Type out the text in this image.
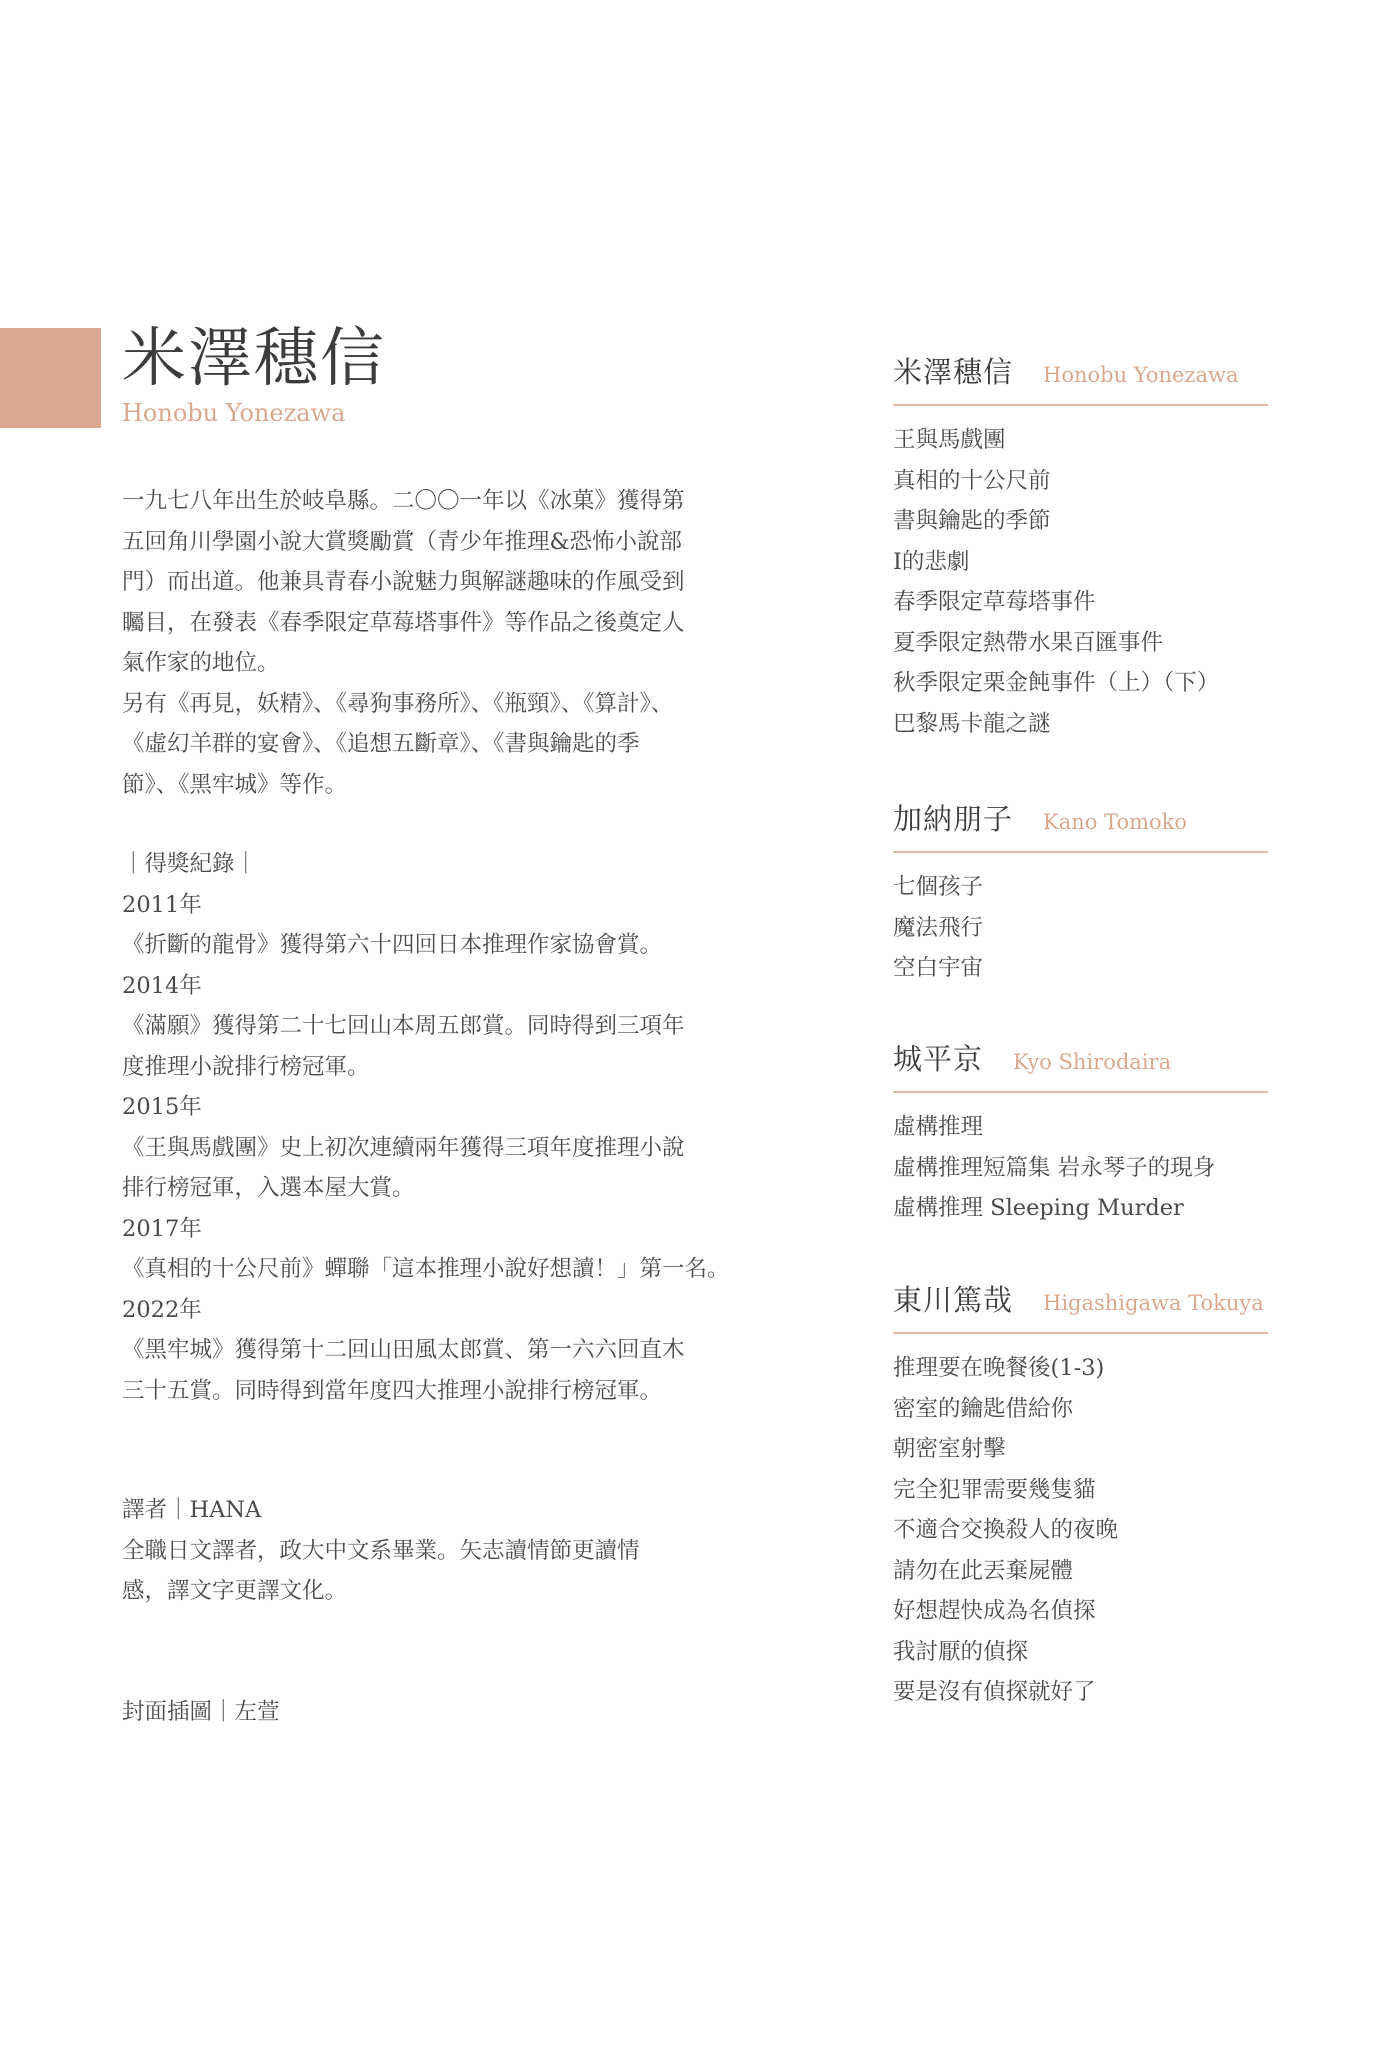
米澤穗信
Honobu Yonezawa

一九七八年出生於岐阜縣。二〇〇一年以《冰菓》獲得第

五回角川學園小說大賞獎勵賞（青少年推理&恐怖小說部

門）而出道。他兼具青春小說魅力與解謎趣味的作風受到

矚目，在發表《春季限定草莓塔事件》等作品之後奠定人

氣作家的地位。

另有《再見，妖精》、《尋狗事務所》、《瓶頸》、《算計》、

《虛幻羊群的宴會》、《追想五斷章》、《書與鑰匙的季

節》、《黑牢城》等作。

｜得獎紀錄｜

2011年

《折斷的龍骨》獲得第六十四回日本推理作家協會賞。

2014年

《滿願》獲得第二十七回山本周五郎賞。同時得到三項年

度推理小說排行榜冠軍。

2015年

《王與馬戲團》史上初次連續兩年獲得三項年度推理小說

排行榜冠軍，入選本屋大賞。

2017年

《真相的十公尺前》蟬聯「這本推理小說好想讀！」第一名。

2022年

《黑牢城》獲得第十二回山田風太郎賞、第一六六回直木

三十五賞。同時得到當年度四大推理小說排行榜冠軍。

譯者｜HANA

全職日文譯者，政大中文系畢業。矢志讀情節更讀情

感，譯文字更譯文化。

封面插圖｜左萱

米澤穗信 Honobu Yonezawa
王與馬戲團
真相的十公尺前
書與鑰匙的季節
I的悲劇
春季限定草莓塔事件
夏季限定熱帶水果百匯事件
秋季限定栗金飩事件（上）（下）
巴黎馬卡龍之謎
加納朋子 Kano Tomoko
七個孩子
魔法飛行
空白宇宙
城平京 Kyo Shirodaira
虛構推理
虛構推理短篇集 岩永琴子的現身
虛構推理 Sleeping Murder
東川篤哉 Higashigawa Tokuya
推理要在晚餐後(1-3)
密室的鑰匙借給你
朝密室射擊
完全犯罪需要幾隻貓
不適合交換殺人的夜晚
請勿在此丟棄屍體
好想趕快成為名偵探
我討厭的偵探
要是沒有偵探就好了
